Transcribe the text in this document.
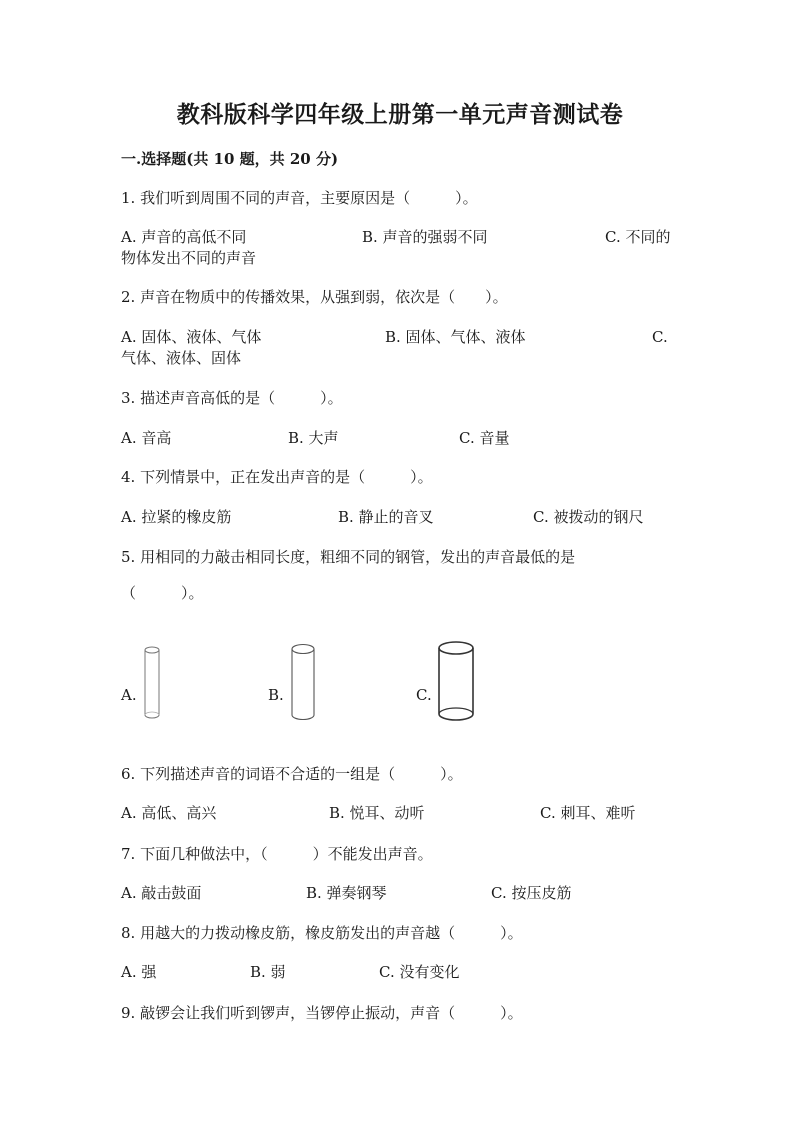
教科版科学四年级上册第一单元声音测试卷
一.选择题(共 10 题，共 20 分)
1. 我们听到周围不同的声音，主要原因是（　　　）。
A. 声音的高低不同	B. 声音的强弱不同	C. 不同的
物体发出不同的声音
2. 声音在物质中的传播效果，从强到弱，依次是（　　）。
A. 固体、液体、气体	B. 固体、气体、液体	C.
气体、液体、固体
3. 描述声音高低的是（　　　）。
A. 音高	B. 大声	C. 音量
4. 下列情景中，正在发出声音的是（　　　）。
A. 拉紧的橡皮筋	B. 静止的音叉	C. 被拨动的钢尺
5. 用相同的力敲击相同长度，粗细不同的钢管，发出的声音最低的是
（　　　）。
A.	B.	C.
6. 下列描述声音的词语不合适的一组是（　　　）。
A. 高低、高兴	B. 悦耳、动听	C. 刺耳、难听
7. 下面几种做法中，（　　　）不能发出声音。
A. 敲击鼓面	B. 弹奏钢琴	C. 按压皮筋
8. 用越大的力拨动橡皮筋，橡皮筋发出的声音越（　　　）。
A. 强	B. 弱	C. 没有变化
9. 敲锣会让我们听到锣声，当锣停止振动，声音（　　　）。
